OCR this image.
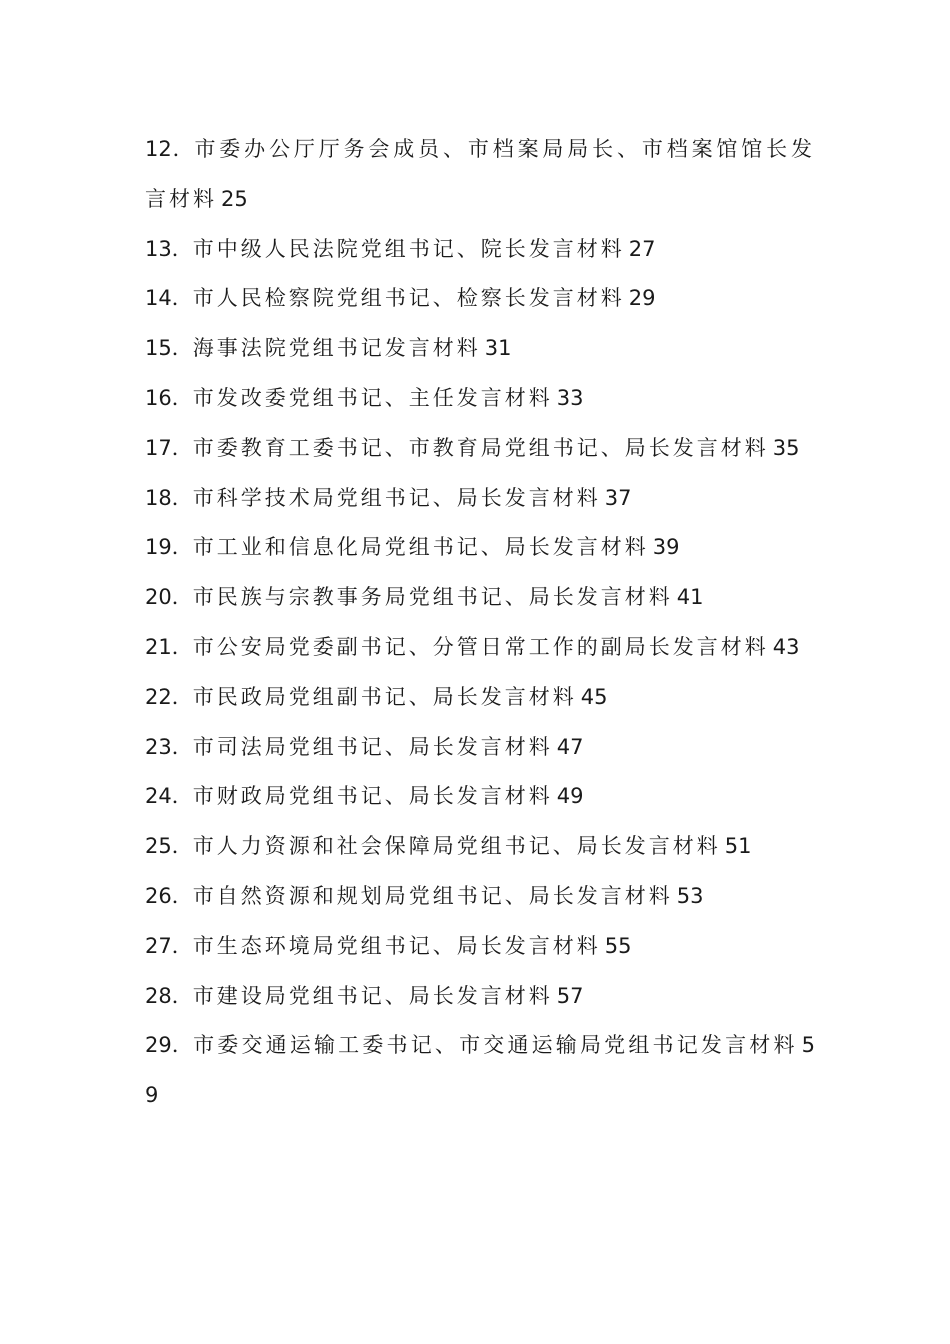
12．市委办公厅厅务会成员、市档案局局长、市档案馆馆长发言材料 25
13．市中级人民法院党组书记、院长发言材料 27
14．市人民检察院党组书记、检察长发言材料 29
15．海事法院党组书记发言材料 31
16．市发改委党组书记、主任发言材料 33
17．市委教育工委书记、市教育局党组书记、局长发言材料 35
18．市科学技术局党组书记、局长发言材料 37
19．市工业和信息化局党组书记、局长发言材料 39
20．市民族与宗教事务局党组书记、局长发言材料 41
21．市公安局党委副书记、分管日常工作的副局长发言材料 43
22．市民政局党组副书记、局长发言材料 45
23．市司法局党组书记、局长发言材料 47
24．市财政局党组书记、局长发言材料 49
25．市人力资源和社会保障局党组书记、局长发言材料 51
26．市自然资源和规划局党组书记、局长发言材料 53
27．市生态环境局党组书记、局长发言材料 55
28．市建设局党组书记、局长发言材料 57
29．市委交通运输工委书记、市交通运输局党组书记发言材料 59
